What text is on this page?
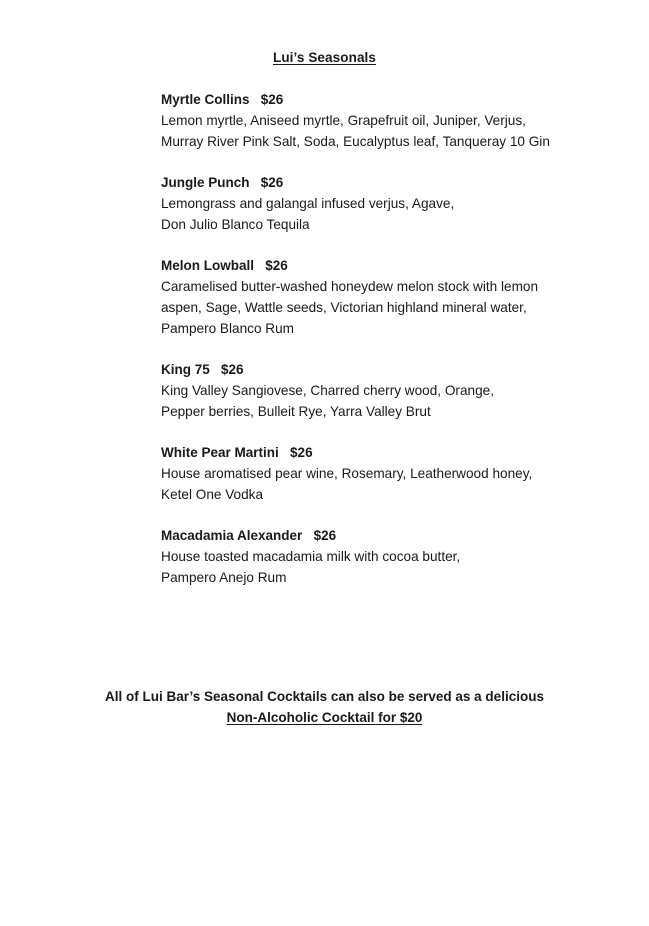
Lui’s Seasonals
Myrtle Collins $26
Lemon myrtle, Aniseed myrtle, Grapefruit oil, Juniper, Verjus,
Murray River Pink Salt, Soda, Eucalyptus leaf, Tanqueray 10 Gin
Jungle Punch $26
Lemongrass and galangal infused verjus, Agave,
Don Julio Blanco Tequila
Melon Lowball $26
Caramelised butter-washed honeydew melon stock with lemon
aspen, Sage, Wattle seeds, Victorian highland mineral water,
Pampero Blanco Rum
King 75 $26
King Valley Sangiovese, Charred cherry wood, Orange,
Pepper berries, Bulleit Rye, Yarra Valley Brut
White Pear Martini $26
House aromatised pear wine, Rosemary, Leatherwood honey,
Ketel One Vodka
Macadamia Alexander $26
House toasted macadamia milk with cocoa butter,
Pampero Anejo Rum
All of Lui Bar’s Seasonal Cocktails can also be served as a delicious
Non-Alcoholic Cocktail for $20
